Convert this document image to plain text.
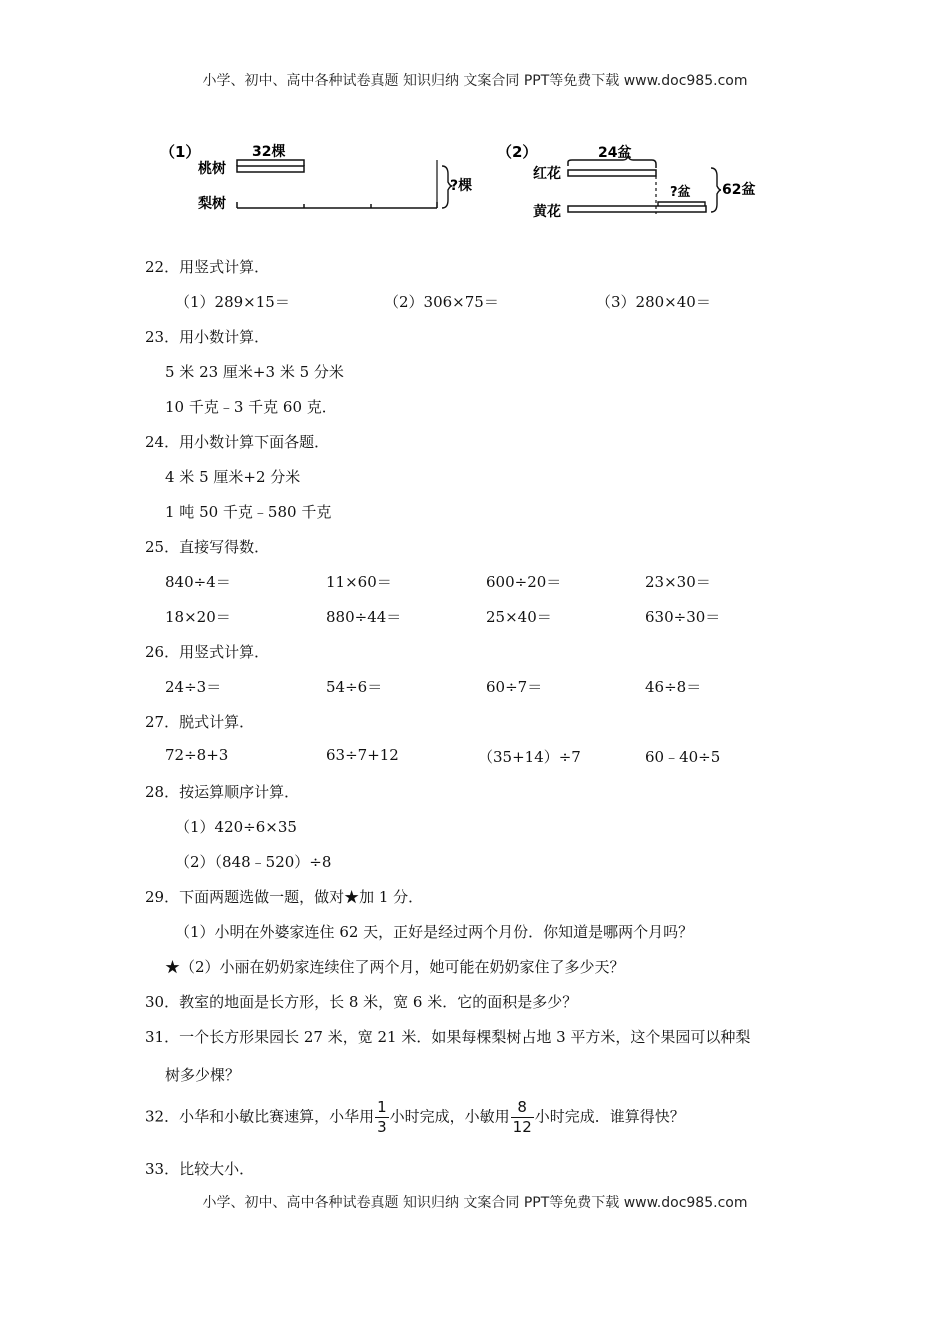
小学、初中、高中各种试卷真题 知识归纳 文案合同 PPT等免费下载 www.doc985.com
（1）	32棵
桃树
梨树
?棵
（2）	24盆
红花
?盆
黄花
62盆
22．用竖式计算．
（1）289×15＝	（2）306×75＝	（3）280×40＝
23．用小数计算．
5 米 23 厘米+3 米 5 分米
10 千克﹣3 千克 60 克．
24．用小数计算下面各题．
4 米 5 厘米+2 分米
1 吨 50 千克﹣580 千克
25．直接写得数．
840÷4＝	11×60＝	600÷20＝	23×30＝
18×20＝	880÷44＝	25×40＝	630÷30＝
26．用竖式计算．
24÷3＝	54÷6＝	60÷7＝	46÷8＝
27．脱式计算．
72÷8+3	63÷7+12	（35+14）÷7	60﹣40÷5
28．按运算顺序计算．
（1）420÷6×35
（2）（848﹣520）÷8
29．下面两题选做一题，做对★加 1 分．
（1）小明在外婆家连住 62 天，正好是经过两个月份．你知道是哪两个月吗？
★（2）小丽在奶奶家连续住了两个月，她可能在奶奶家住了多少天？
30．教室的地面是长方形，长 8 米，宽 6 米．它的面积是多少？
31．一个长方形果园长 27 米，宽 21 米．如果每棵梨树占地 3 平方米，这个果园可以种梨
树多少棵？
32．小华和小敏比赛速算，小华用 $\frac{1}{3}$ 小时完成，小敏用 $\frac{8}{12}$ 小时完成．谁算得快？
33．比较大小．
小学、初中、高中各种试卷真题 知识归纳 文案合同 PPT等免费下载 www.doc985.com
